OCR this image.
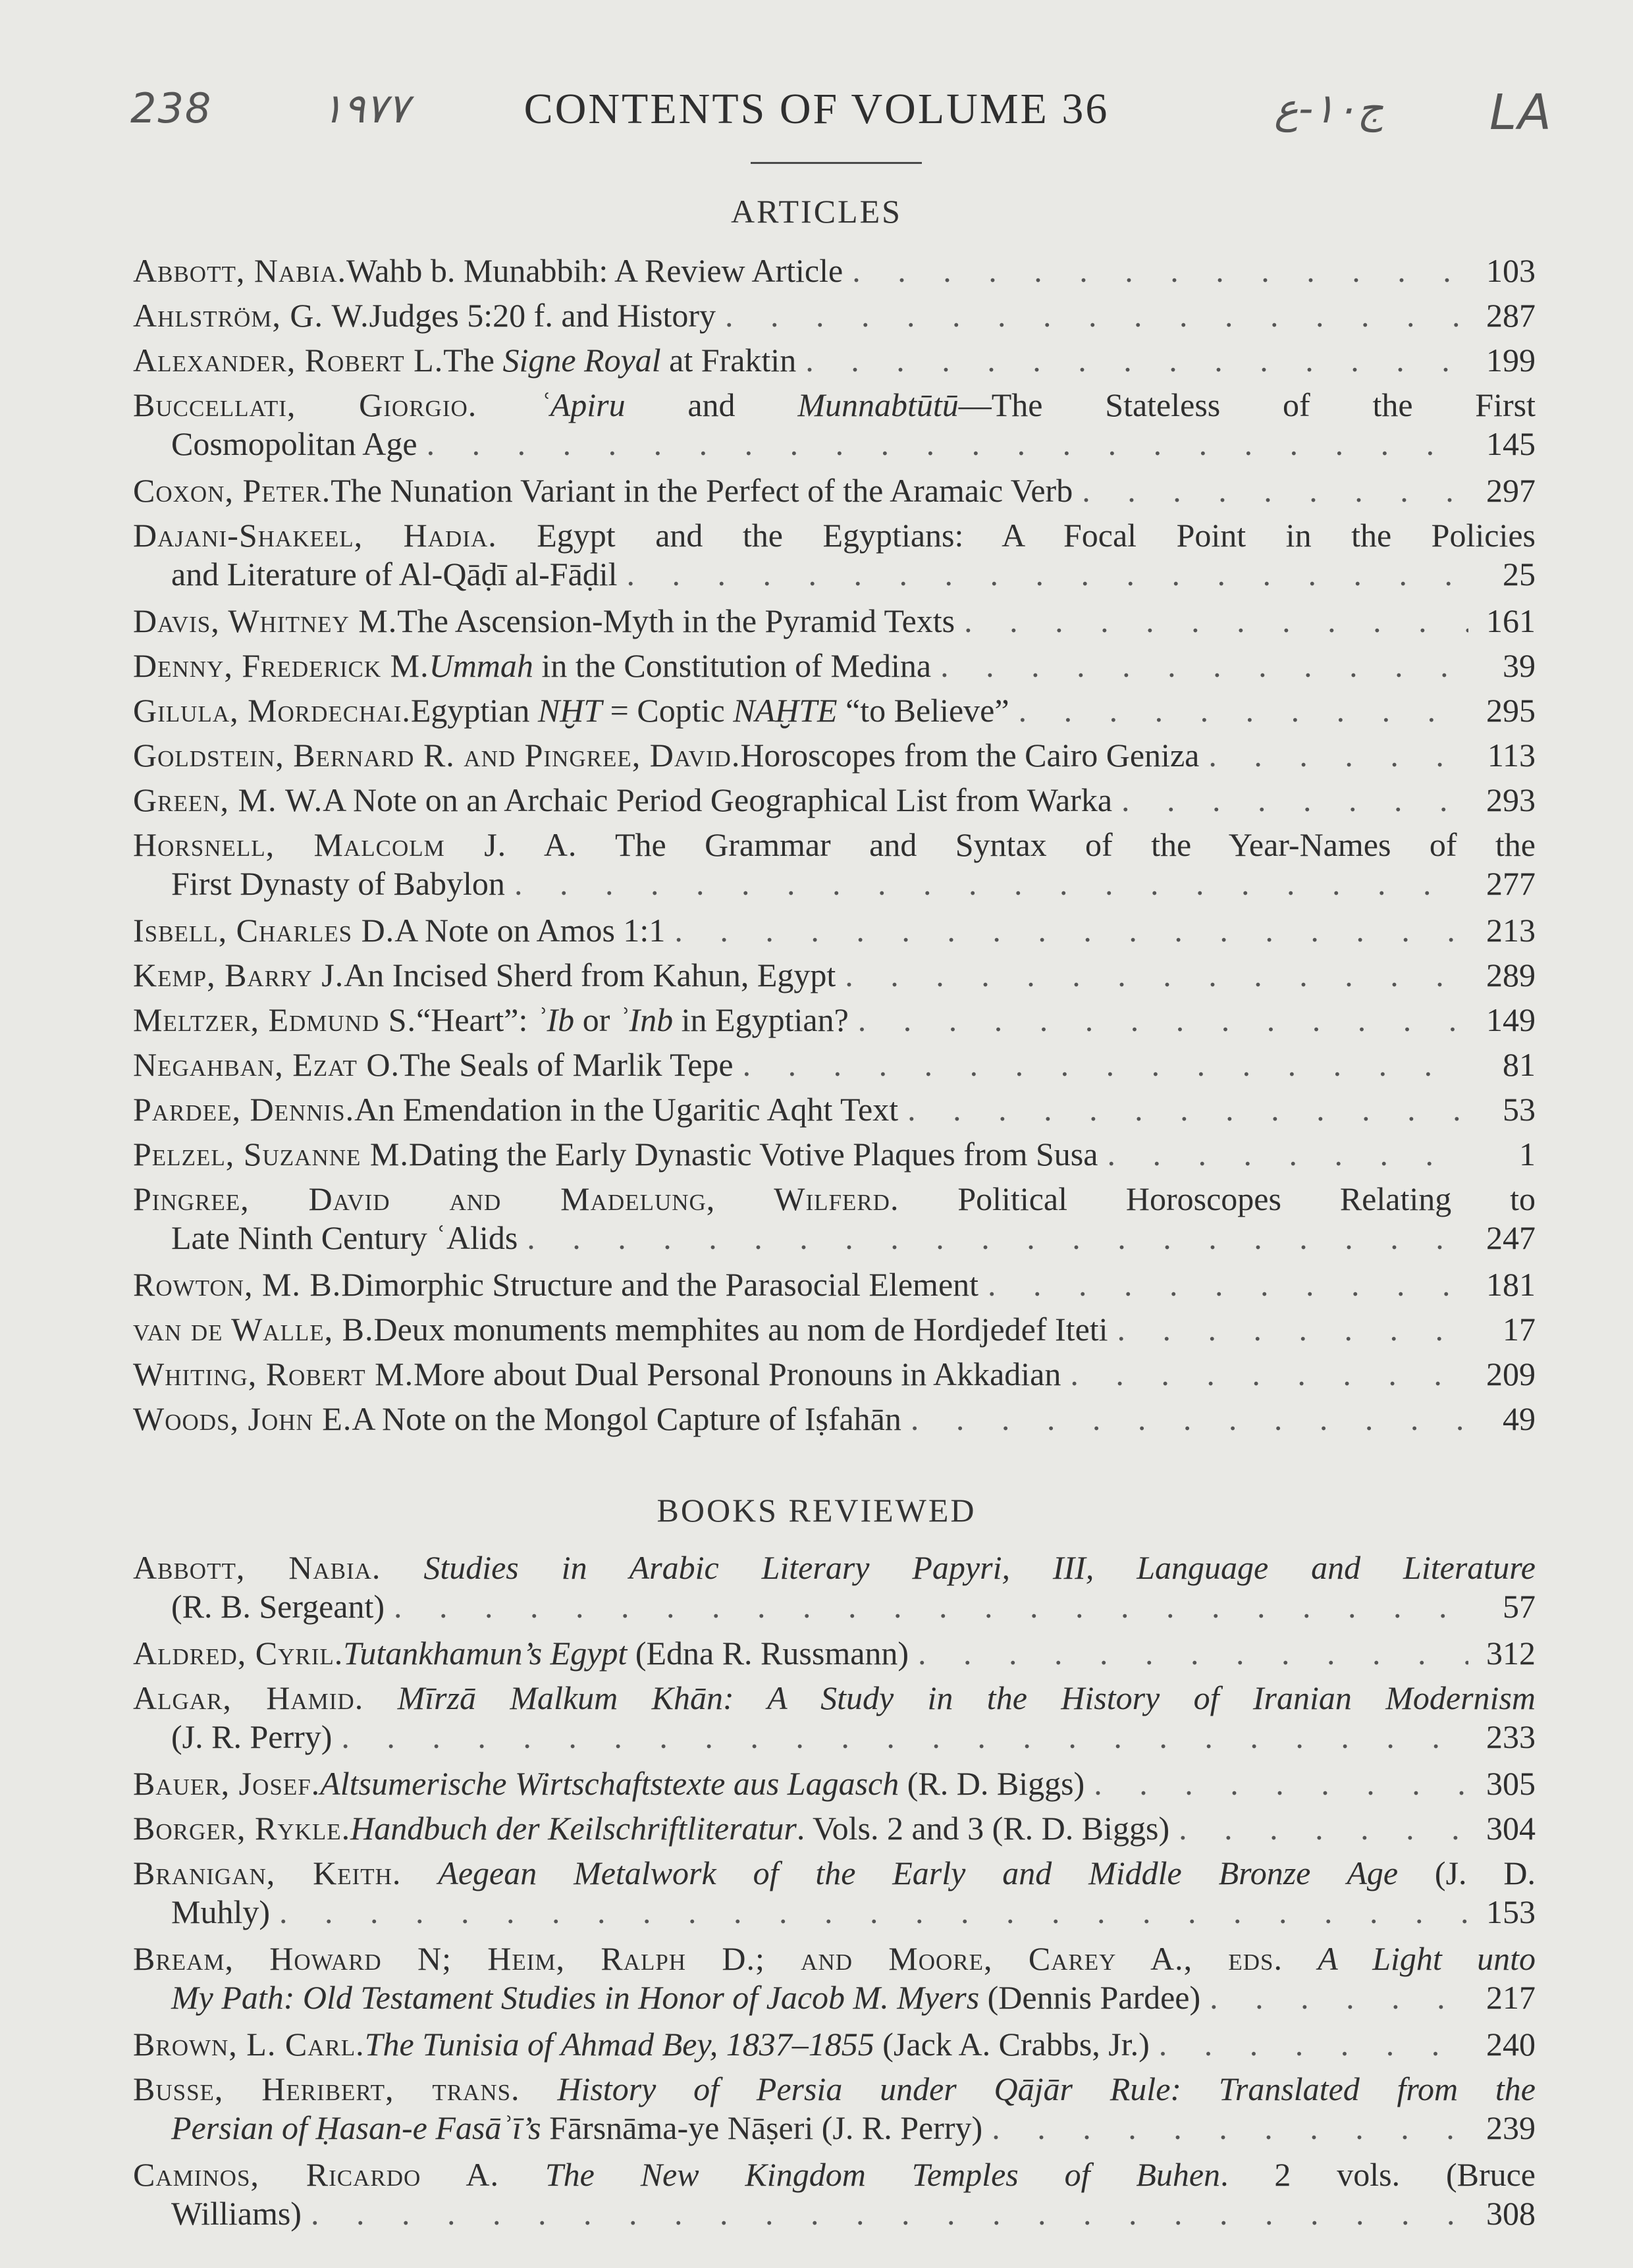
238	١٩٧٧	ج١٠-ع LA
CONTENTS OF VOLUME 36
ARTICLES
Abbott, Nabia. Wahb b. Munabbih: A Review Article . . .	103
Ahlström, G. W. Judges 5:20 f. and History . . .	287
Alexander, Robert L. The Signe Royal at Fraktin . . .	199
Buccellati, Giorgio. ʿApiru and Munnabtūtū—The Stateless of the First
Cosmopolitan Age . . .	145
Coxon, Peter. The Nunation Variant in the Perfect of the Aramaic Verb . . .	297
Dajani-Shakeel, Hadia. Egypt and the Egyptians: A Focal Point in the Policies
and Literature of Al-Qāḍī al-Fāḍil . . .	25
Davis, Whitney M. The Ascension-Myth in the Pyramid Texts . . .	161
Denny, Frederick M. Ummah in the Constitution of Medina . . .	39
Gilula, Mordechai. Egyptian NḪT = Coptic NAḪTE “to Believe” . . .	295
Goldstein, Bernard R. and Pingree, David. Horoscopes from the Cairo Geniza . . .	113
Green, M. W. A Note on an Archaic Period Geographical List from Warka . . .	293
Horsnell, Malcolm J. A. The Grammar and Syntax of the Year-Names of the
First Dynasty of Babylon . . .	277
Isbell, Charles D. A Note on Amos 1:1 . . .	213
Kemp, Barry J. An Incised Sherd from Kahun, Egypt . . .	289
Meltzer, Edmund S. “Heart”: ʾIb or ʾInb in Egyptian? . . .	149
Negahban, Ezat O. The Seals of Marlik Tepe . . .	81
Pardee, Dennis. An Emendation in the Ugaritic Aqht Text . . .	53
Pelzel, Suzanne M. Dating the Early Dynastic Votive Plaques from Susa . . .	1
Pingree, David and Madelung, Wilferd. Political Horoscopes Relating to
Late Ninth Century ʿAlids . . .	247
Rowton, M. B. Dimorphic Structure and the Parasocial Element . . .	181
van de Walle, B. Deux monuments memphites au nom de Hordjedef Iteti . . .	17
Whiting, Robert M. More about Dual Personal Pronouns in Akkadian . . .	209
Woods, John E. A Note on the Mongol Capture of Iṣfahān . . .	49
BOOKS REVIEWED
Abbott, Nabia. Studies in Arabic Literary Papyri, III, Language and Literature
(R. B. Sergeant) . . .	57
Aldred, Cyril. Tutankhamun’s Egypt (Edna R. Russmann) . . .	312
Algar, Hamid. Mīrzā Malkum Khān: A Study in the History of Iranian Modernism
(J. R. Perry) . . .	233
Bauer, Josef. Altsumerische Wirtschaftstexte aus Lagasch (R. D. Biggs) . . .	305
Borger, Rykle. Handbuch der Keilschriftliteratur. Vols. 2 and 3 (R. D. Biggs) . . .	304
Branigan, Keith. Aegean Metalwork of the Early and Middle Bronze Age (J. D.
Muhly) . . .	153
Bream, Howard N; Heim, Ralph D.; and Moore, Carey A., eds. A Light unto
My Path: Old Testament Studies in Honor of Jacob M. Myers (Dennis Pardee) . . .	217
Brown, L. Carl. The Tunisia of Ahmad Bey, 1837–1855 (Jack A. Crabbs, Jr.) . . .	240
Busse, Heribert, trans. History of Persia under Qājār Rule: Translated from the
Persian of Ḥasan-e Fasāʾī’s Fārsnāma-ye Nāṣeri (J. R. Perry) . . .	239
Caminos, Ricardo A. The New Kingdom Temples of Buhen. 2 vols. (Bruce
Williams) . . .	308
